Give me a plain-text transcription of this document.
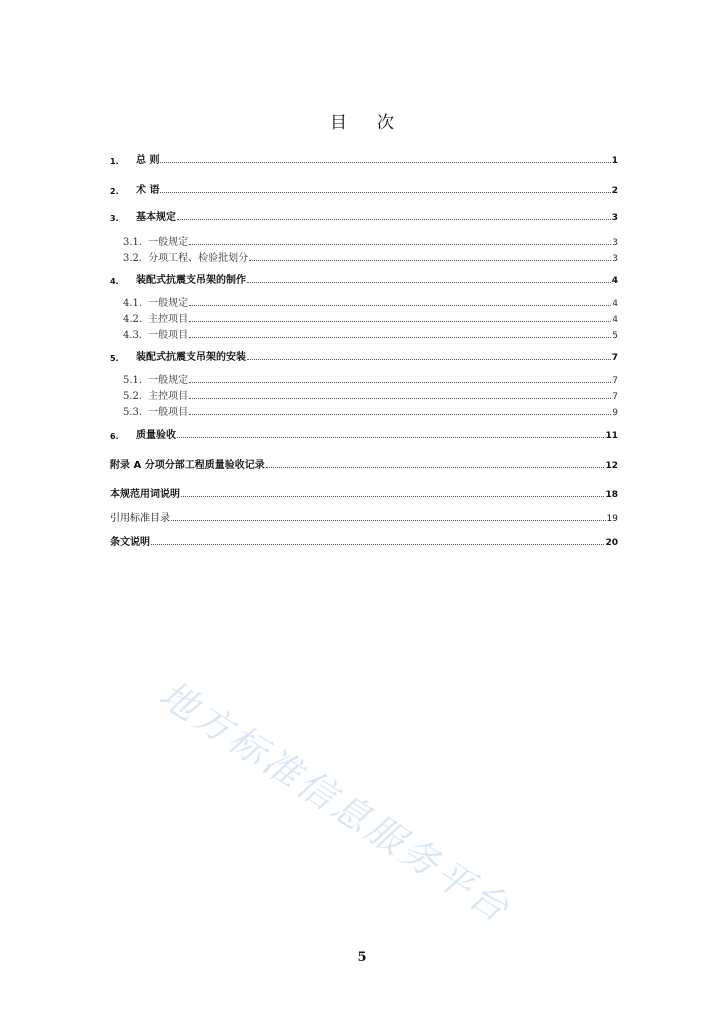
目 次
1.	总 则	1
2.	术 语	2
3.	基本规定	3
3.1. 一般规定	3
3.2. 分项工程、检验批划分	3
4.	装配式抗震支吊架的制作	4
4.1. 一般规定	4
4.2. 主控项目	4
4.3. 一般项目	5
5.	装配式抗震支吊架的安装	7
5.1. 一般规定	7
5.2. 主控项目	7
5.3. 一般项目	9
6.	质量验收	11
附录 A 分项分部工程质量验收记录	12
本规范用词说明	18
引用标准目录	19
条文说明	20
地方标准信息服务平台
5
